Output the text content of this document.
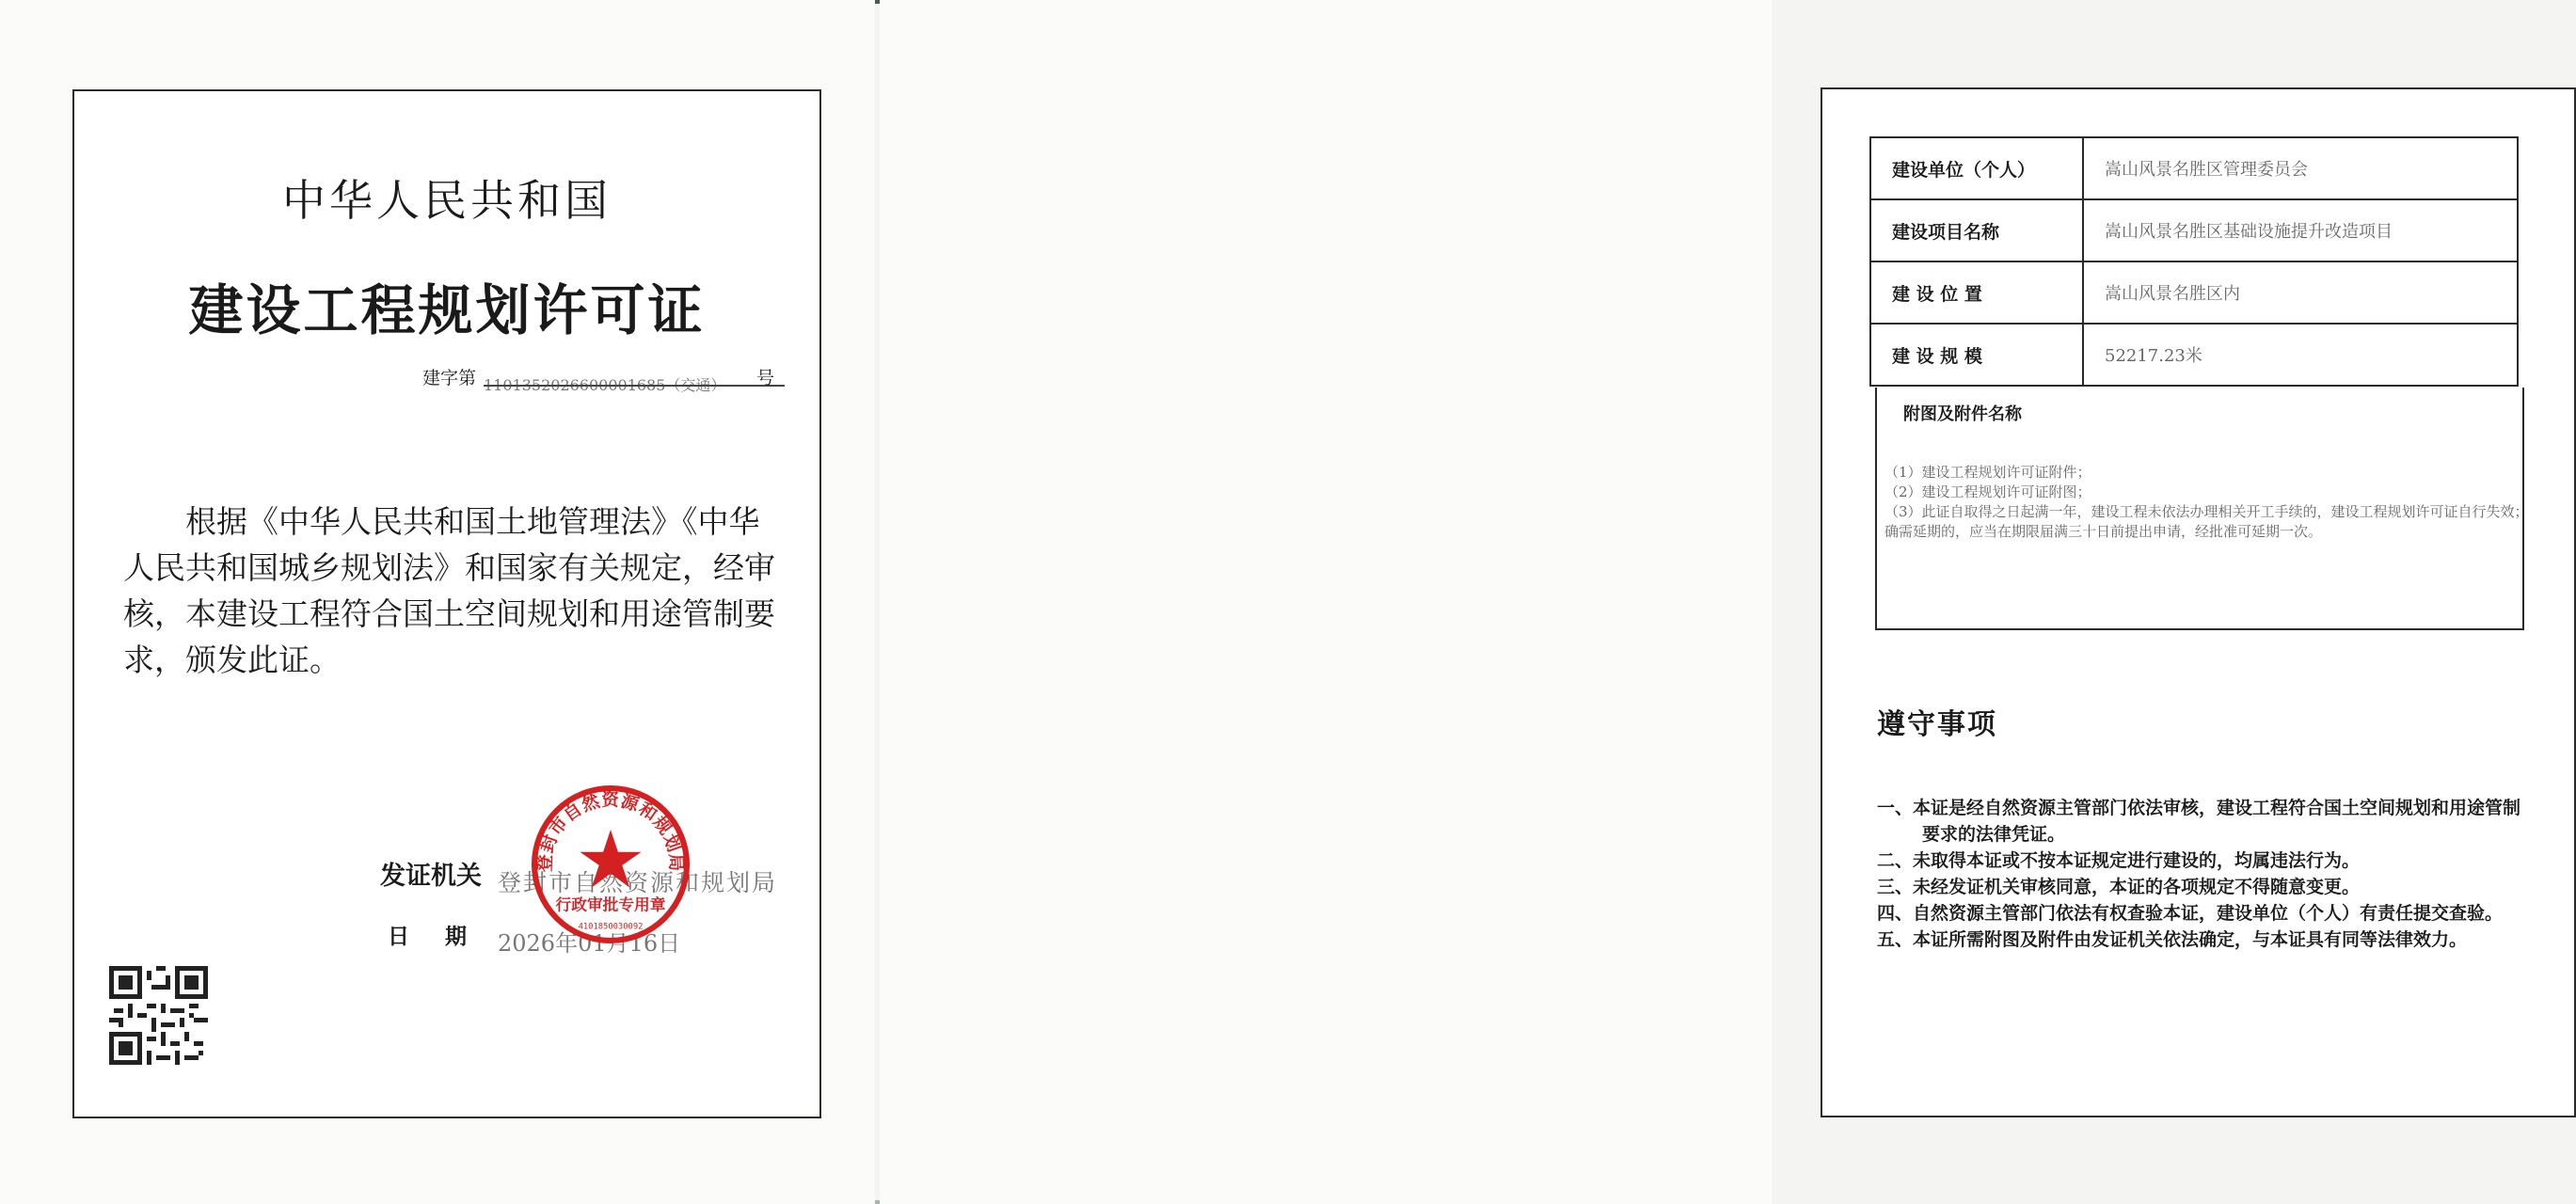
中华人民共和国
建设工程规划许可证
建字第 1101352026600001685（交通）	号

根据《中华人民共和国土地管理法》《中华人民共和国城乡规划法》和国家有关规定，经审核，本建设工程符合国土空间规划和用途管制要求，颁发此证。

发证机关 登封市自然资源和规划局
日期
2026年01月16日
登封市自然资源和规划局
行政审批专用章
4101850030092
建设单位（个人）	嵩山风景名胜区管理委员会
建设项目名称	嵩山风景名胜区基础设施提升改造项目
建 设 位 置	嵩山风景名胜区内
建 设 规 模	52217.23米
附图及附件名称
（1）建设工程规划许可证附件；
（2）建设工程规划许可证附图；
（3）此证自取得之日起满一年，建设工程未依法办理相关开工手续的，建设工程规划许可证自行失效；确需延期的，应当在期限届满三十日前提出申请，经批准可延期一次。
遵守事项
一、本证是经自然资源主管部门依法审核，建设工程符合国土空间规划和用途管制要求的法律凭证。
二、未取得本证或不按本证规定进行建设的，均属违法行为。
三、未经发证机关审核同意，本证的各项规定不得随意变更。
四、自然资源主管部门依法有权查验本证，建设单位（个人）有责任提交查验。
五、本证所需附图及附件由发证机关依法确定，与本证具有同等法律效力。
